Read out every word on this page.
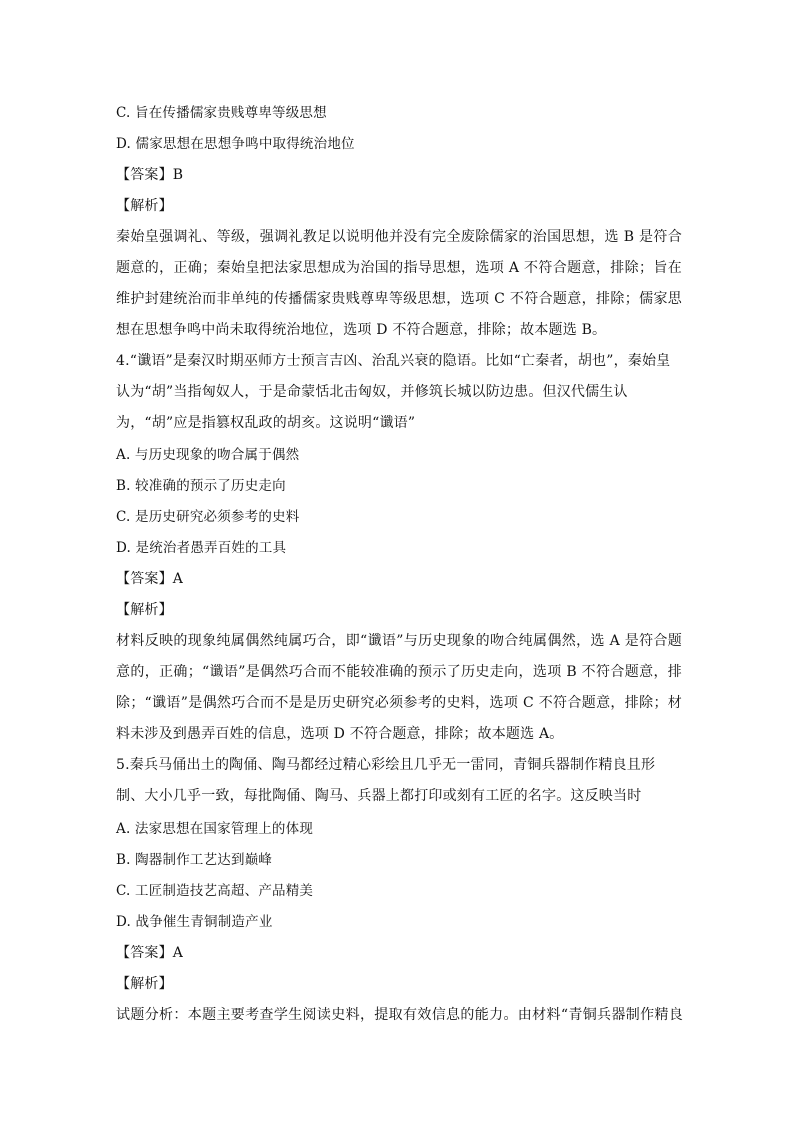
C. 旨在传播儒家贵贱尊卑等级思想
D. 儒家思想在思想争鸣中取得统治地位
【答案】B
【解析】
秦始皇强调礼、等级，强调礼教足以说明他并没有完全废除儒家的治国思想，选 B 是符合题意的，正确；秦始皇把法家思想成为治国的指导思想，选项 A 不符合题意，排除；旨在维护封建统治而非单纯的传播儒家贵贱尊卑等级思想，选项 C 不符合题意，排除；儒家思想在思想争鸣中尚未取得统治地位，选项 D 不符合题意，排除；故本题选 B。
4.“谶语”是秦汉时期巫师方士预言吉凶、治乱兴衰的隐语。比如“亡秦者，胡也”，秦始皇认为“胡”当指匈奴人，于是命蒙恬北击匈奴，并修筑长城以防边患。但汉代儒生认为，“胡”应是指篡权乱政的胡亥。这说明“谶语”
A. 与历史现象的吻合属于偶然
B. 较准确的预示了历史走向
C. 是历史研究必须参考的史料
D. 是统治者愚弄百姓的工具
【答案】A
【解析】
材料反映的现象纯属偶然纯属巧合，即“谶语”与历史现象的吻合纯属偶然，选 A 是符合题意的，正确；“谶语”是偶然巧合而不能较准确的预示了历史走向，选项 B 不符合题意，排除；“谶语”是偶然巧合而不是是历史研究必须参考的史料，选项 C 不符合题意，排除；材料未涉及到愚弄百姓的信息，选项 D 不符合题意，排除；故本题选 A。
5.秦兵马俑出土的陶俑、陶马都经过精心彩绘且几乎无一雷同，青铜兵器制作精良且形制、大小几乎一致，每批陶俑、陶马、兵器上都打印或刻有工匠的名字。这反映当时
A. 法家思想在国家管理上的体现
B. 陶器制作工艺达到巅峰
C. 工匠制造技艺高超、产品精美
D. 战争催生青铜制造产业
【答案】A
【解析】
试题分析：本题主要考查学生阅读史料，提取有效信息的能力。由材料“青铜兵器制作精良
